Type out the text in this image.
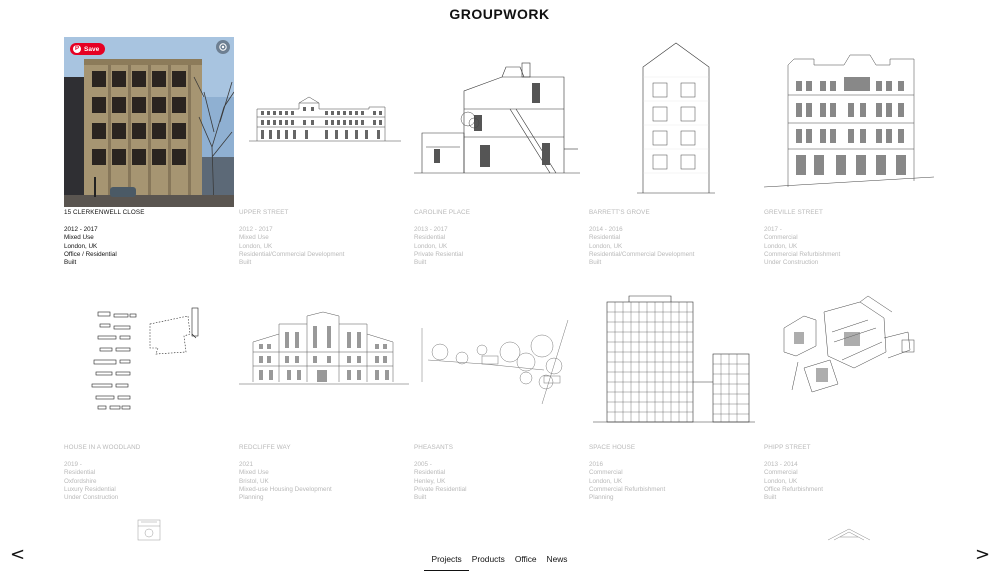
GROUPWORK
P Save
15 CLERKENWELL CLOSE
2012 - 2017
Mixed Use
London, UK
Office / Residential
Built
UPPER STREET
2012 - 2017
Mixed Use
London, UK
Residential/Commercial Development
Built
CAROLINE PLACE
2013 - 2017
Residential
London, UK
Private Resiential
Built
BARRETT'S GROVE
2014 - 2016
Residential
London, UK
Residential/Commercial Development
Built
GREVILLE STREET
2017 -
Commercial
London, UK
Commercial Refurbishment
Under Construction
HOUSE IN A WOODLAND
2019 -
Residential
Oxfordshire
Luxury Residential
Under Construction
REDCLIFFE WAY
2021
Mixed Use
Bristol, UK
Mixed-use Housing Development
Planning
PHEASANTS
2005 -
Residential
Henley, UK
Private Residential
Built
SPACE HOUSE
2016
Commercial
London, UK
Commercial Refurbishment
Planning
PHIPP STREET
2013 - 2014
Commercial
London, UK
Office Refurbishment
Built
<	>
Projects	Products	Office	News
